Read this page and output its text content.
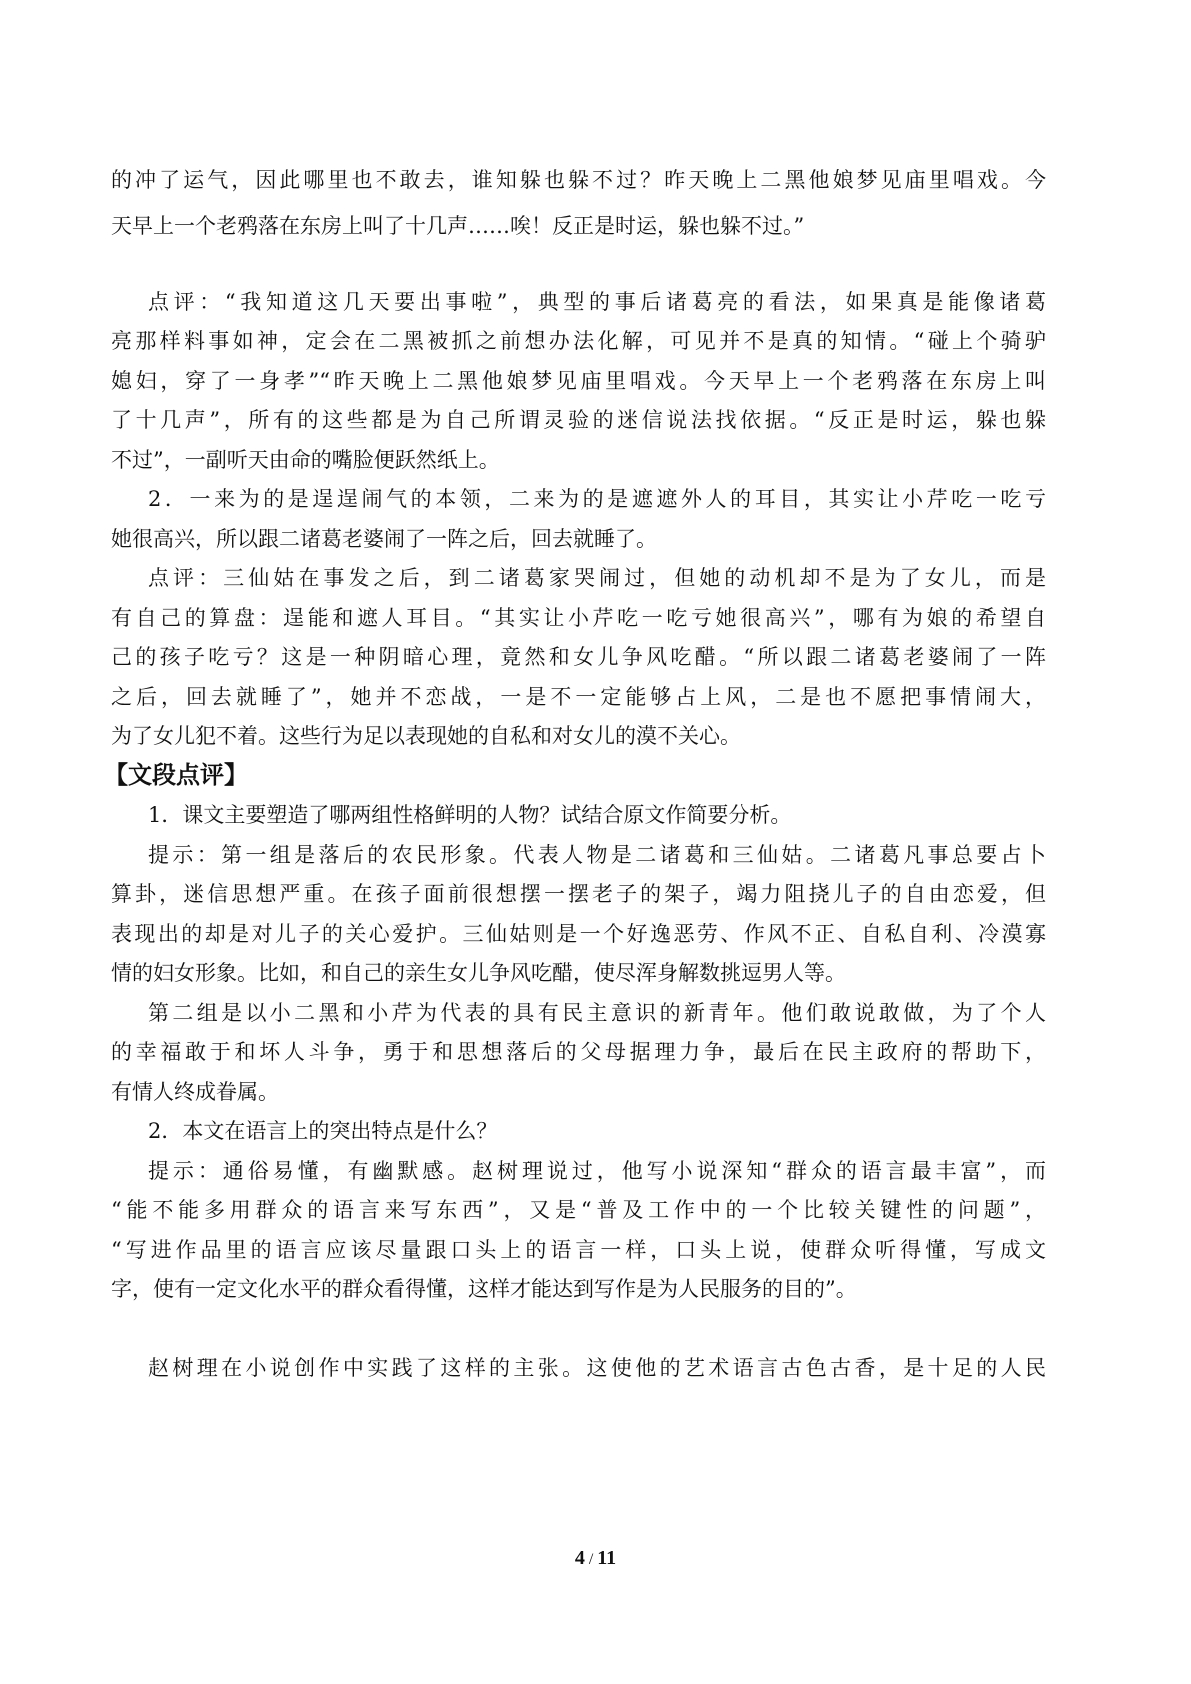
的冲了运气，因此哪里也不敢去，谁知躲也躲不过？昨天晚上二黑他娘梦见庙里唱戏。今
天早上一个老鸦落在东房上叫了十几声……唉！反正是时运，躲也躲不过。”
点评：“我知道这几天要出事啦”，典型的事后诸葛亮的看法，如果真是能像诸葛
亮那样料事如神，定会在二黑被抓之前想办法化解，可见并不是真的知情。“碰上个骑驴
媳妇，穿了一身孝”“昨天晚上二黑他娘梦见庙里唱戏。今天早上一个老鸦落在东房上叫
了十几声”，所有的这些都是为自己所谓灵验的迷信说法找依据。“反正是时运，躲也躲
不过”，一副听天由命的嘴脸便跃然纸上。
2．一来为的是逞逞闹气的本领，二来为的是遮遮外人的耳目，其实让小芹吃一吃亏
她很高兴，所以跟二诸葛老婆闹了一阵之后，回去就睡了。
点评：三仙姑在事发之后，到二诸葛家哭闹过，但她的动机却不是为了女儿，而是
有自己的算盘：逞能和遮人耳目。“其实让小芹吃一吃亏她很高兴”，哪有为娘的希望自
己的孩子吃亏？这是一种阴暗心理，竟然和女儿争风吃醋。“所以跟二诸葛老婆闹了一阵
之后，回去就睡了”，她并不恋战，一是不一定能够占上风，二是也不愿把事情闹大，
为了女儿犯不着。这些行为足以表现她的自私和对女儿的漠不关心。
【文段点评】
1．课文主要塑造了哪两组性格鲜明的人物？试结合原文作简要分析。
提示：第一组是落后的农民形象。代表人物是二诸葛和三仙姑。二诸葛凡事总要占卜
算卦，迷信思想严重。在孩子面前很想摆一摆老子的架子，竭力阻挠儿子的自由恋爱，但
表现出的却是对儿子的关心爱护。三仙姑则是一个好逸恶劳、作风不正、自私自利、冷漠寡
情的妇女形象。比如，和自己的亲生女儿争风吃醋，使尽浑身解数挑逗男人等。
第二组是以小二黑和小芹为代表的具有民主意识的新青年。他们敢说敢做，为了个人
的幸福敢于和坏人斗争，勇于和思想落后的父母据理力争，最后在民主政府的帮助下，
有情人终成眷属。
2．本文在语言上的突出特点是什么？
提示：通俗易懂，有幽默感。赵树理说过，他写小说深知“群众的语言最丰富”，而
“能不能多用群众的语言来写东西”，又是“普及工作中的一个比较关键性的问题”，
“写进作品里的语言应该尽量跟口头上的语言一样，口头上说，使群众听得懂，写成文
字，使有一定文化水平的群众看得懂，这样才能达到写作是为人民服务的目的”。
赵树理在小说创作中实践了这样的主张。这使他的艺术语言古色古香，是十足的人民
4 / 11
